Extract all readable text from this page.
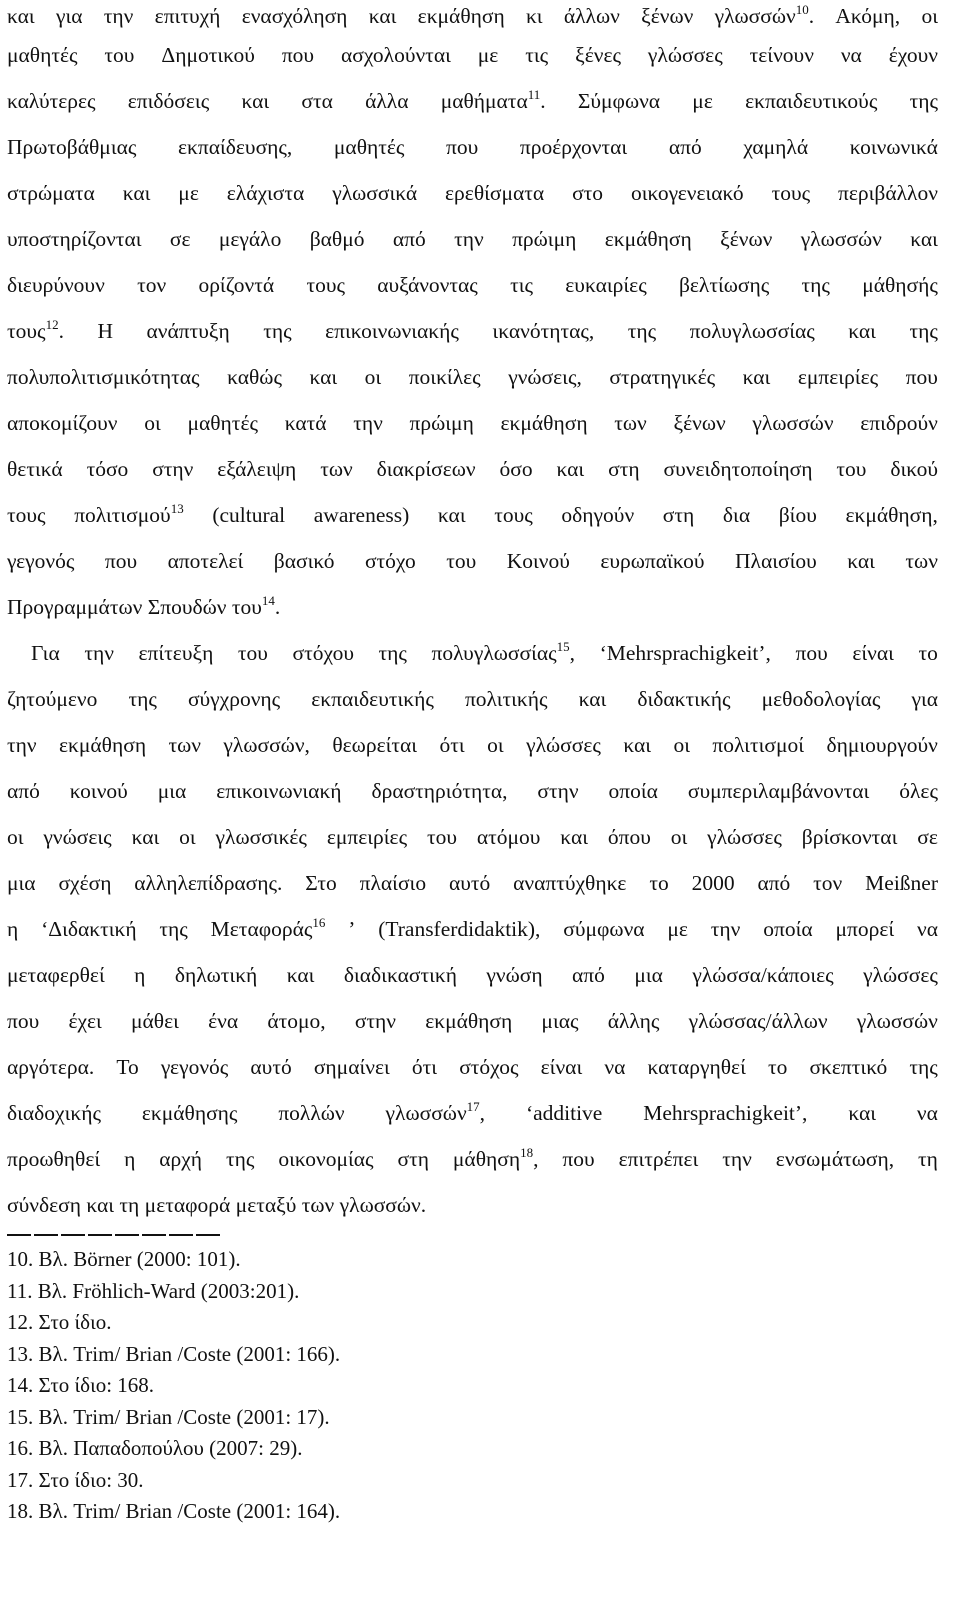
και για την επιτυχή ενασχόληση και εκμάθηση κι άλλων ξένων γλωσσών$^{10}$. Ακόμη, οι
μαθητές του Δημοτικού που ασχολούνται με τις ξένες γλώσσες τείνουν να έχουν
καλύτερες επιδόσεις και στα άλλα μαθήματα$^{11}$. Σύμφωνα με εκπαιδευτικούς της
Πρωτοβάθμιας εκπαίδευσης, μαθητές που προέρχονται από χαμηλά κοινωνικά
στρώματα και με ελάχιστα γλωσσικά ερεθίσματα στο οικογενειακό τους περιβάλλον
υποστηρίζονται σε μεγάλο βαθμό από την πρώιμη εκμάθηση ξένων γλωσσών και
διευρύνουν τον ορίζοντά τους αυξάνοντας τις ευκαιρίες βελτίωσης της μάθησής
τους$^{12}$. Η ανάπτυξη της επικοινωνιακής ικανότητας, της πολυγλωσσίας και της
πολυπολιτισμικότητας καθώς και οι ποικίλες γνώσεις, στρατηγικές και εμπειρίες που
αποκομίζουν οι μαθητές κατά την πρώιμη εκμάθηση των ξένων γλωσσών επιδρούν
θετικά τόσο στην εξάλειψη των διακρίσεων όσο και στη συνειδητοποίηση του δικού
τους πολιτισμού$^{13}$ (cultural awareness) και τους οδηγούν στη δια βίου εκμάθηση,
γεγονός που αποτελεί βασικό στόχο του Κοινού ευρωπαϊκού Πλαισίου και των
Προγραμμάτων Σπουδών του$^{14}$.
Για την επίτευξη του στόχου της πολυγλωσσίας$^{15}$, ‘Mehrsprachigkeit’, που είναι το
ζητούμενο της σύγχρονης εκπαιδευτικής πολιτικής και διδακτικής μεθοδολογίας για
την εκμάθηση των γλωσσών, θεωρείται ότι οι γλώσσες και οι πολιτισμοί δημιουργούν
από κοινού μια επικοινωνιακή δραστηριότητα, στην οποία συμπεριλαμβάνονται όλες
οι γνώσεις και οι γλωσσικές εμπειρίες του ατόμου και όπου οι γλώσσες βρίσκονται σε
μια σχέση αλληλεπίδρασης. Στο πλαίσιο αυτό αναπτύχθηκε το 2000 από τον Meißner
η ‘Διδακτική της Μεταφοράς$^{16}$ ’ (Transferdidaktik), σύμφωνα με την οποία μπορεί να
μεταφερθεί η δηλωτική και διαδικαστική γνώση από μια γλώσσα/κάποιες γλώσσες
που έχει μάθει ένα άτομο, στην εκμάθηση μιας άλλης γλώσσας/άλλων γλωσσών
αργότερα. Το γεγονός αυτό σημαίνει ότι στόχος είναι να καταργηθεί το σκεπτικό της
διαδοχικής εκμάθησης πολλών γλωσσών$^{17}$, ‘additive Mehrsprachigkeit’, και να
προωθηθεί η αρχή της οικονομίας στη μάθηση$^{18}$, που επιτρέπει την ενσωμάτωση, τη
σύνδεση και τη μεταφορά μεταξύ των γλωσσών.
10. Βλ. Börner (2000: 101).
11. Βλ. Fröhlich-Ward (2003:201).
12. Στο ίδιο.
13. Βλ. Trim/ Brian /Coste (2001: 166).
14. Στο ίδιο: 168.
15. Βλ. Trim/ Brian /Coste (2001: 17).
16. Βλ. Παπαδοπούλου (2007: 29).
17. Στο ίδιο: 30.
18. Βλ. Trim/ Brian /Coste (2001: 164).
